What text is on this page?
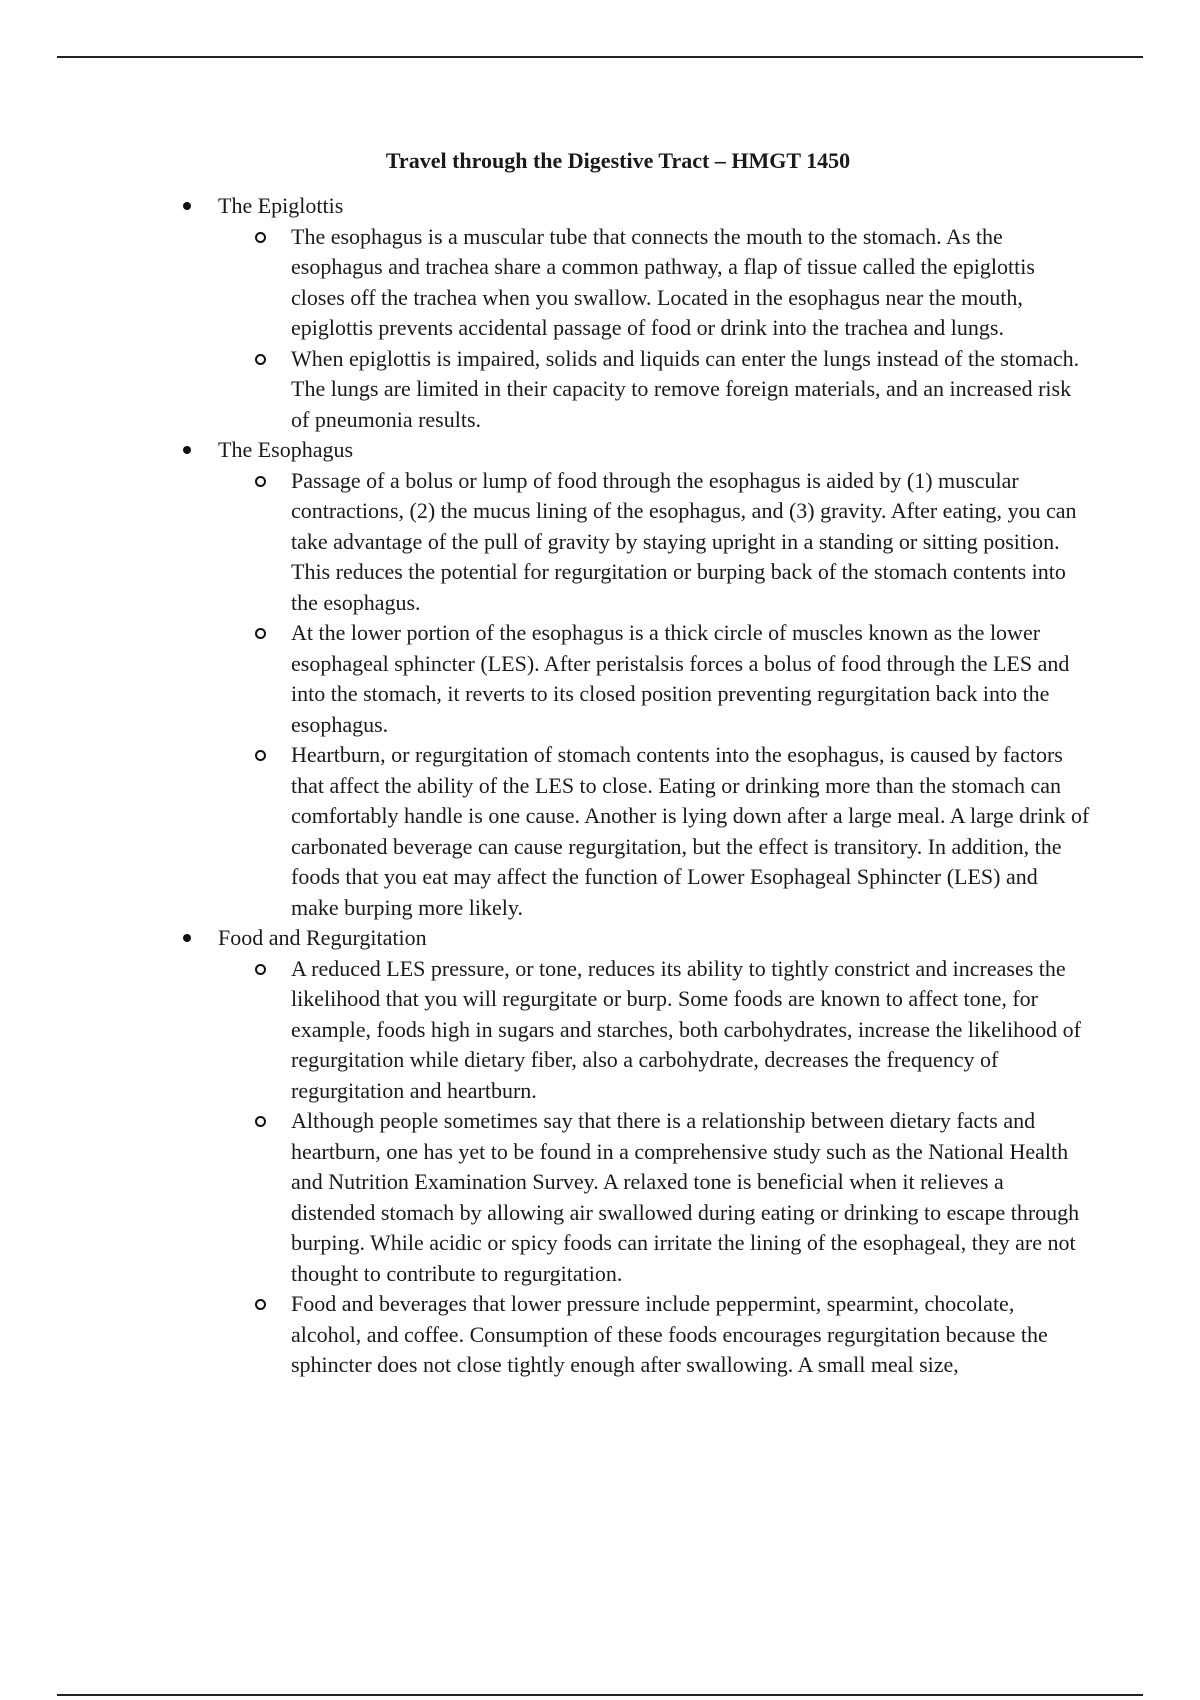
Travel through the Digestive Tract – HMGT 1450
The Epiglottis
The esophagus is a muscular tube that connects the mouth to the stomach. As the esophagus and trachea share a common pathway, a flap of tissue called the epiglottis closes off the trachea when you swallow. Located in the esophagus near the mouth, epiglottis prevents accidental passage of food or drink into the trachea and lungs.
When epiglottis is impaired, solids and liquids can enter the lungs instead of the stomach. The lungs are limited in their capacity to remove foreign materials, and an increased risk of pneumonia results.
The Esophagus
Passage of a bolus or lump of food through the esophagus is aided by (1) muscular contractions, (2) the mucus lining of the esophagus, and (3) gravity. After eating, you can take advantage of the pull of gravity by staying upright in a standing or sitting position. This reduces the potential for regurgitation or burping back of the stomach contents into the esophagus.
At the lower portion of the esophagus is a thick circle of muscles known as the lower esophageal sphincter (LES). After peristalsis forces a bolus of food through the LES and into the stomach, it reverts to its closed position preventing regurgitation back into the esophagus.
Heartburn, or regurgitation of stomach contents into the esophagus, is caused by factors that affect the ability of the LES to close. Eating or drinking more than the stomach can comfortably handle is one cause. Another is lying down after a large meal. A large drink of carbonated beverage can cause regurgitation, but the effect is transitory. In addition, the foods that you eat may affect the function of Lower Esophageal Sphincter (LES) and make burping more likely.
Food and Regurgitation
A reduced LES pressure, or tone, reduces its ability to tightly constrict and increases the likelihood that you will regurgitate or burp. Some foods are known to affect tone, for example, foods high in sugars and starches, both carbohydrates, increase the likelihood of regurgitation while dietary fiber, also a carbohydrate, decreases the frequency of regurgitation and heartburn.
Although people sometimes say that there is a relationship between dietary facts and heartburn, one has yet to be found in a comprehensive study such as the National Health and Nutrition Examination Survey. A relaxed tone is beneficial when it relieves a distended stomach by allowing air swallowed during eating or drinking to escape through burping. While acidic or spicy foods can irritate the lining of the esophageal, they are not thought to contribute to regurgitation.
Food and beverages that lower pressure include peppermint, spearmint, chocolate, alcohol, and coffee. Consumption of these foods encourages regurgitation because the sphincter does not close tightly enough after swallowing. A small meal size,
